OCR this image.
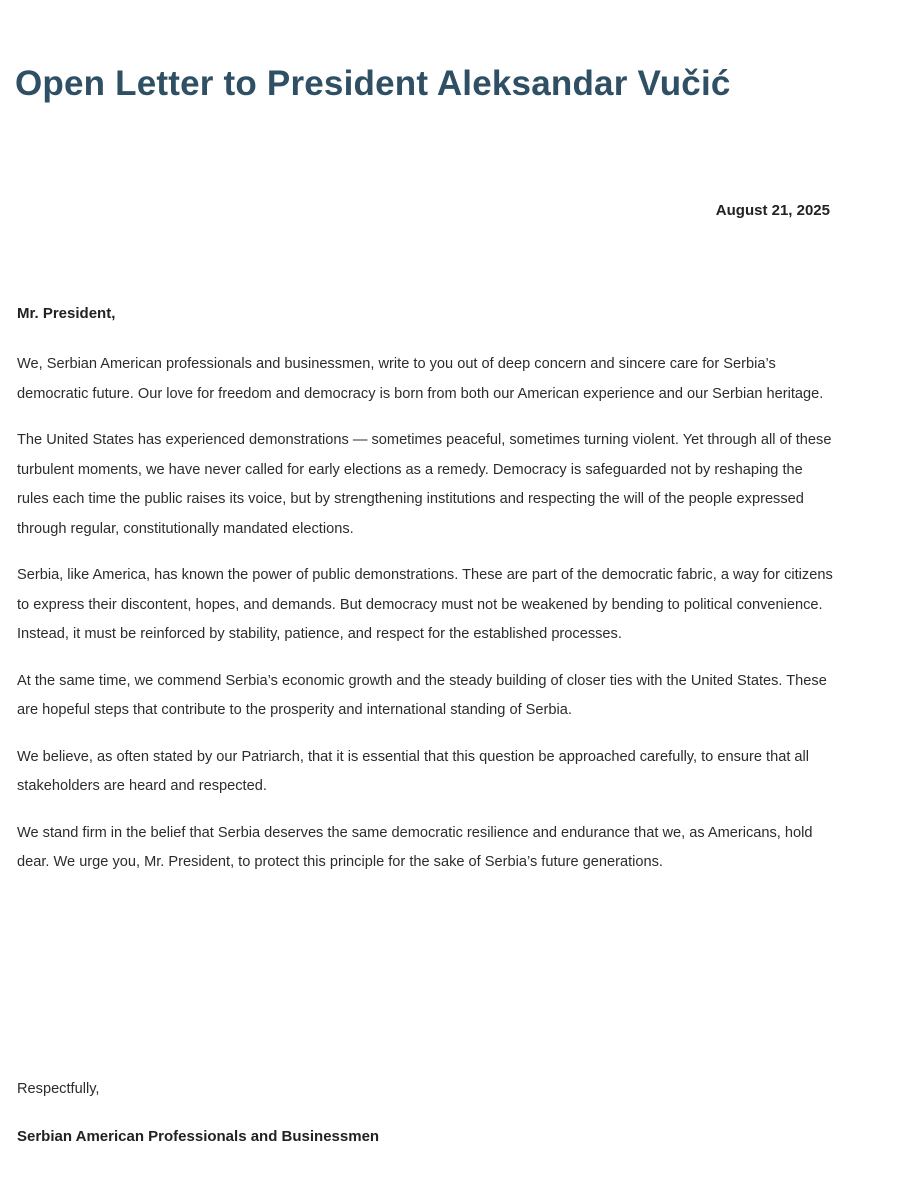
Open Letter to President Aleksandar Vučić
August 21, 2025
Mr. President,

We, Serbian American professionals and businessmen, write to you out of deep concern and sincere care for Serbia’s democratic future. Our love for freedom and democracy is born from both our American experience and our Serbian heritage.

The United States has experienced demonstrations — sometimes peaceful, sometimes turning violent. Yet through all of these turbulent moments, we have never called for early elections as a remedy. Democracy is safeguarded not by reshaping the rules each time the public raises its voice, but by strengthening institutions and respecting the will of the people expressed through regular, constitutionally mandated elections.

Serbia, like America, has known the power of public demonstrations. These are part of the democratic fabric, a way for citizens to express their discontent, hopes, and demands. But democracy must not be weakened by bending to political convenience. Instead, it must be reinforced by stability, patience, and respect for the established processes.

At the same time, we commend Serbia’s economic growth and the steady building of closer ties with the United States. These are hopeful steps that contribute to the prosperity and international standing of Serbia.

We believe, as often stated by our Patriarch, that it is essential that this question be approached carefully, to ensure that all stakeholders are heard and respected.

We stand firm in the belief that Serbia deserves the same democratic resilience and endurance that we, as Americans, hold dear. We urge you, Mr. President, to protect this principle for the sake of Serbia’s future generations.

Respectfully,
Serbian American Professionals and Businessmen
